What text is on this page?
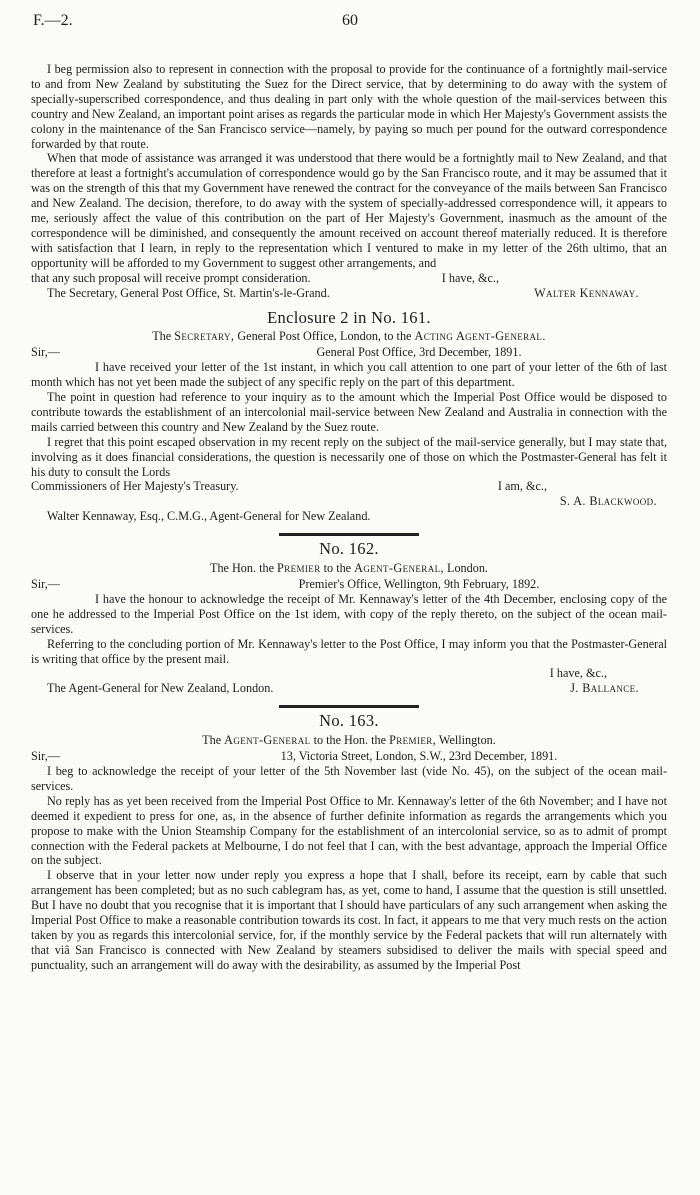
F.—2.	60

I beg permission also to represent in connection with the proposal to provide for the continuance of a fortnightly mail-service to and from New Zealand by substituting the Suez for the Direct service, that by determining to do away with the system of specially-superscribed correspondence, and thus dealing in part only with the whole question of the mail-services between this country and New Zealand, an important point arises as regards the particular mode in which Her Majesty's Government assists the colony in the maintenance of the San Francisco service—namely, by paying so much per pound for the outward correspondence forwarded by that route.

When that mode of assistance was arranged it was understood that there would be a fortnightly mail to New Zealand, and that therefore at least a fortnight's accumulation of correspondence would go by the San Francisco route, and it may be assumed that it was on the strength of this that my Government have renewed the contract for the conveyance of the mails between San Francisco and New Zealand. The decision, therefore, to do away with the system of specially-addressed correspondence will, it appears to me, seriously affect the value of this contribution on the part of Her Majesty's Government, inasmuch as the amount of the correspondence will be diminished, and consequently the amount received on account thereof materially reduced. It is therefore with satisfaction that I learn, in reply to the representation which I ventured to make in my letter of the 26th ultimo, that an opportunity will be afforded to my Government to suggest other arrangements, and

that any such proposal will receive prompt consideration.	I have, &c.,
The Secretary, General Post Office, St. Martin's-le-Grand.	Walter Kennaway.
Enclosure 2 in No. 161.
The Secretary, General Post Office, London, to the Acting Agent-General.
Sir,—	General Post Office, 3rd December, 1891.

I have received your letter of the 1st instant, in which you call attention to one part of your letter of the 6th of last month which has not yet been made the subject of any specific reply on the part of this department.

The point in question had reference to your inquiry as to the amount which the Imperial Post Office would be disposed to contribute towards the establishment of an intercolonial mail-service between New Zealand and Australia in connection with the mails carried between this country and New Zealand by the Suez route.

I regret that this point escaped observation in my recent reply on the subject of the mail-service generally, but I may state that, involving as it does financial considerations, the question is necessarily one of those on which the Postmaster-General has felt it his duty to consult the Lords

Commissioners of Her Majesty's Treasury.	I am, &c.,
S. A. Blackwood.
Walter Kennaway, Esq., C.M.G., Agent-General for New Zealand.
No. 162.
The Hon. the Premier to the Agent-General, London.
Sir,—	Premier's Office, Wellington, 9th February, 1892.

I have the honour to acknowledge the receipt of Mr. Kennaway's letter of the 4th December, enclosing copy of the one he addressed to the Imperial Post Office on the 1st idem, with copy of the reply thereto, on the subject of the ocean mail-services.

Referring to the concluding portion of Mr. Kennaway's letter to the Post Office, I may inform you that the Postmaster-General is writing that office by the present mail.

I have, &c.,
The Agent-General for New Zealand, London.	J. Ballance.
No. 163.
The Agent-General to the Hon. the Premier, Wellington.
Sir,—	13, Victoria Street, London, S.W., 23rd December, 1891.

I beg to acknowledge the receipt of your letter of the 5th November last (vide No. 45), on the subject of the ocean mail-services.

No reply has as yet been received from the Imperial Post Office to Mr. Kennaway's letter of the 6th November; and I have not deemed it expedient to press for one, as, in the absence of further definite information as regards the arrangements which you propose to make with the Union Steamship Company for the establishment of an intercolonial service, so as to admit of prompt connection with the Federal packets at Melbourne, I do not feel that I can, with the best advantage, approach the Imperial Office on the subject.

I observe that in your letter now under reply you express a hope that I shall, before its receipt, earn by cable that such arrangement has been completed; but as no such cablegram has, as yet, come to hand, I assume that the question is still unsettled. But I have no doubt that you recognise that it is important that I should have particulars of any such arrangement when asking the Imperial Post Office to make a reasonable contribution towards its cost. In fact, it appears to me that very much rests on the action taken by you as regards this intercolonial service, for, if the monthly service by the Federal packets that will run alternately with that viâ San Francisco is connected with New Zealand by steamers subsidised to deliver the mails with special speed and punctuality, such an arrangement will do away with the desirability, as assumed by the Imperial Post
